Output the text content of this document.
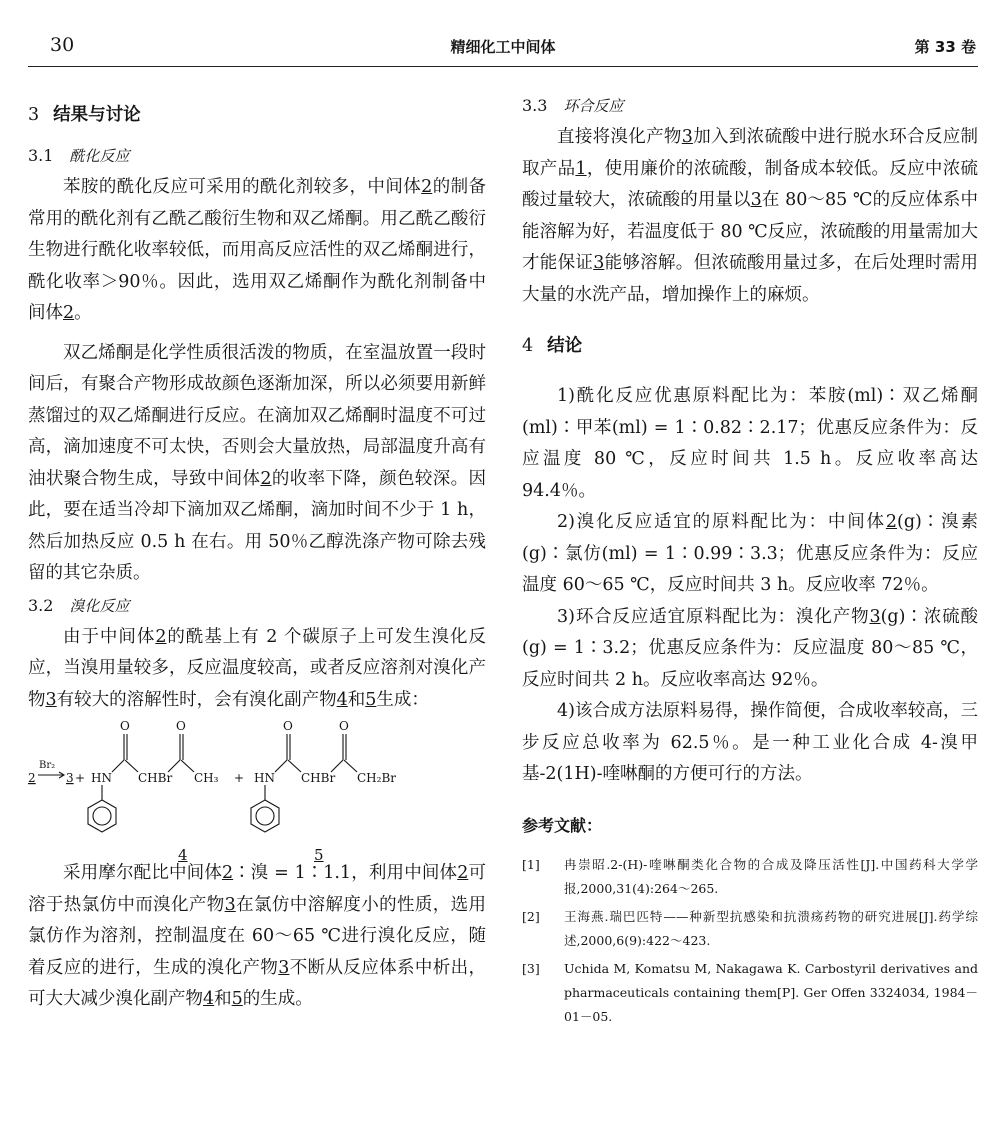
30	精细化工中间体	第 33 卷
3 结果与讨论
3.1 酰化反应

苯胺的酰化反应可采用的酰化剂较多，中间体2的制备常用的酰化剂有乙酰乙酸衍生物和双乙烯酮。用乙酰乙酸衍生物进行酰化收率较低，而用高反应活性的双乙烯酮进行，酰化收率＞90％。因此，选用双乙烯酮作为酰化剂制备中间体2。

双乙烯酮是化学性质很活泼的物质，在室温放置一段时间后，有聚合产物形成故颜色逐渐加深，所以必须要用新鲜蒸馏过的双乙烯酮进行反应。在滴加双乙烯酮时温度不可过高，滴加速度不可太快，否则会大量放热，局部温度升高有油状聚合物生成，导致中间体2的收率下降，颜色较深。因此，要在适当冷却下滴加双乙烯酮，滴加时间不少于 1 h，然后加热反应 0.5 h 在右。用 50％乙醇洗涤产物可除去残留的其它杂质。

3.2 溴化反应

由于中间体2的酰基上有 2 个碳原子上可发生溴化反应，当溴用量较多，反应温度较高，或者反应溶剂对溴化产物3有较大的溶解性时，会有溴化副产物4和5生成：

2
Br₂
3 + HN
O
CHBr
O
CH₃ + HN
O
CHBr
O
CH₂Br
4	5

采用摩尔配比中间体2∶溴 = 1∶1.1，利用中间体2可溶于热氯仿中而溴化产物3在氯仿中溶解度小的性质，选用氯仿作为溶剂，控制温度在 60～65 ℃进行溴化反应，随着反应的进行，生成的溴化产物3不断从反应体系中析出，可大大减少溴化副产物4和5的生成。

3.3 环合反应

直接将溴化产物3加入到浓硫酸中进行脱水环合反应制取产品1，使用廉价的浓硫酸，制备成本较低。反应中浓硫酸过量较大，浓硫酸的用量以3在 80～85 ℃的反应体系中能溶解为好，若温度低于 80 ℃反应，浓硫酸的用量需加大才能保证3能够溶解。但浓硫酸用量过多，在后处理时需用大量的水洗产品，增加操作上的麻烦。

4 结论

1)酰化反应优惠原料配比为：苯胺(ml)∶双乙烯酮(ml)∶甲苯(ml) = 1∶0.82∶2.17；优惠反应条件为：反应温度 80 ℃，反应时间共 1.5 h。反应收率高达 94.4％。

2)溴化反应适宜的原料配比为：中间体2(g)∶溴素(g)∶氯仿(ml) = 1∶0.99∶3.3；优惠反应条件为：反应温度 60～65 ℃，反应时间共 3 h。反应收率 72％。

3)环合反应适宜原料配比为：溴化产物3(g)∶浓硫酸(g) = 1∶3.2；优惠反应条件为：反应温度 80～85 ℃，反应时间共 2 h。反应收率高达 92％。

4)该合成方法原料易得，操作简便，合成收率较高，三步反应总收率为 62.5％。是一种工业化合成 4-溴甲基-2(1H)-喹啉酮的方便可行的方法。

参考文献：
[1] 冉崇昭.2-(H)-喹啉酮类化合物的合成及降压活性[J].中国药科大学学报,2000,31(4):264～265.
[2] 王海燕.瑞巴匹特——种新型抗感染和抗溃疡药物的研究进展[J].药学综述,2000,6(9):422～423.
[3] Uchida M, Komatsu M, Nakagawa K. Carbostyril derivatives and pharmaceuticals containing them[P]. Ger Offen 3324034, 1984－01－05.
